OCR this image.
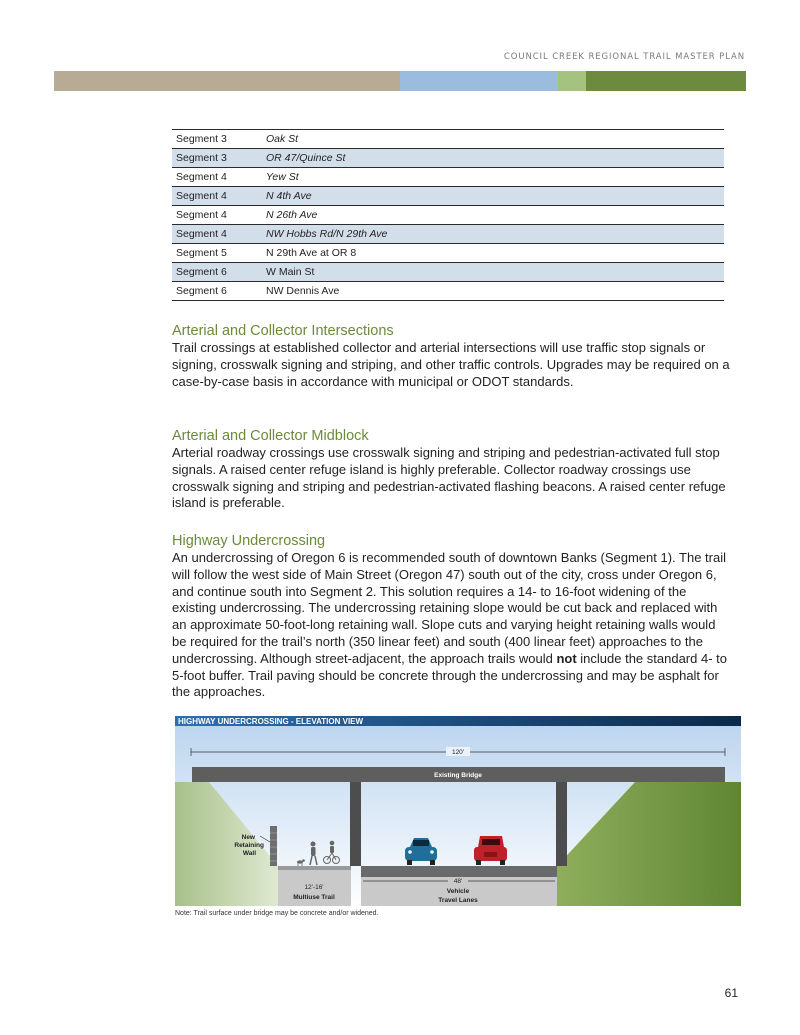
COUNCIL CREEK REGIONAL TRAIL MASTER PLAN
Segment 3	Oak St
Segment 3	OR 47/Quince St
Segment 4	Yew St
Segment 4	N 4th Ave
Segment 4	N 26th Ave
Segment 4	NW Hobbs Rd/N 29th Ave
Segment 5	N 29th Ave at OR 8
Segment 6	W Main St
Segment 6	NW Dennis Ave
Arterial and Collector Intersections

Trail crossings at established collector and arterial intersections will use traffic stop signals or signing, crosswalk signing and striping, and other traffic controls. Upgrades may be required on a case-by-case basis in accordance with municipal or ODOT standards.

Arterial and Collector Midblock

Arterial roadway crossings use crosswalk signing and striping and pedestrian-activated full stop signals. A raised center refuge island is highly preferable. Collector roadway crossings use crosswalk signing and striping and pedestrian-activated flashing beacons. A raised center refuge island is preferable.

Highway Undercrossing

An undercrossing of Oregon 6 is recommended south of downtown Banks (Segment 1). The trail will follow the west side of Main Street (Oregon 47) south out of the city, cross under Oregon 6, and continue south into Segment 2. This solution requires a 14- to 16-foot widening of the existing undercrossing. The undercrossing retaining slope would be cut back and replaced with an approximate 50-foot-long retaining wall. Slope cuts and varying height retaining walls would be required for the trail’s north (350 linear feet) and south (400 linear feet) approaches to the undercrossing. Although street-adjacent, the approach trails would not include the standard 4- to 5-foot buffer. Trail paving should be concrete through the undercrossing and may be asphalt for the approaches.

HIGHWAY UNDERCROSSING - ELEVATION VIEW
120'
Existing Bridge
New
Retaining
Wall
12'-16'
Multiuse Trail
48'
Vehicle
Travel Lanes
Note: Trail surface under bridge may be concrete and/or widened.
61
